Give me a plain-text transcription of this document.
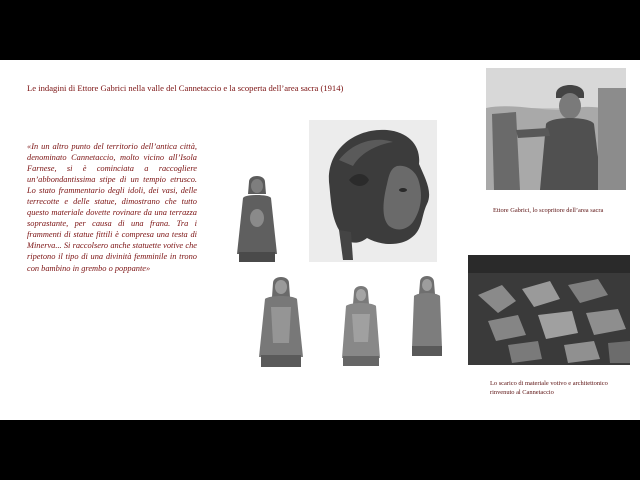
Le indagini di Ettore Gabrici nella valle del Cannetaccio e la scoperta dell’area sacra (1914)

«In un altro punto del territorio dell’antica città, denominato Cannetaccio, molto vicino all’Isola Farnese, si è cominciata a raccogliere un’abbondantissima stipe di un tempio etrusco. Lo stato frammentario degli idoli, dei vasi, delle terrecotte e delle statue, dimostrano che tutto questo materiale dovette rovinare da una terrazza soprastante, per causa di una frana. Tra i frammenti di statue fittili è compresa una testa di Minerva... Si raccolsero anche statuette votive che ripetono il tipo di una divinità femminile in trono con bambino in grembo o poppante»

Ettore Gabrici, lo scopritore dell’area sacra

Lo scarico di materiale votivo e architettonico rinvenuto al Cannetaccio
